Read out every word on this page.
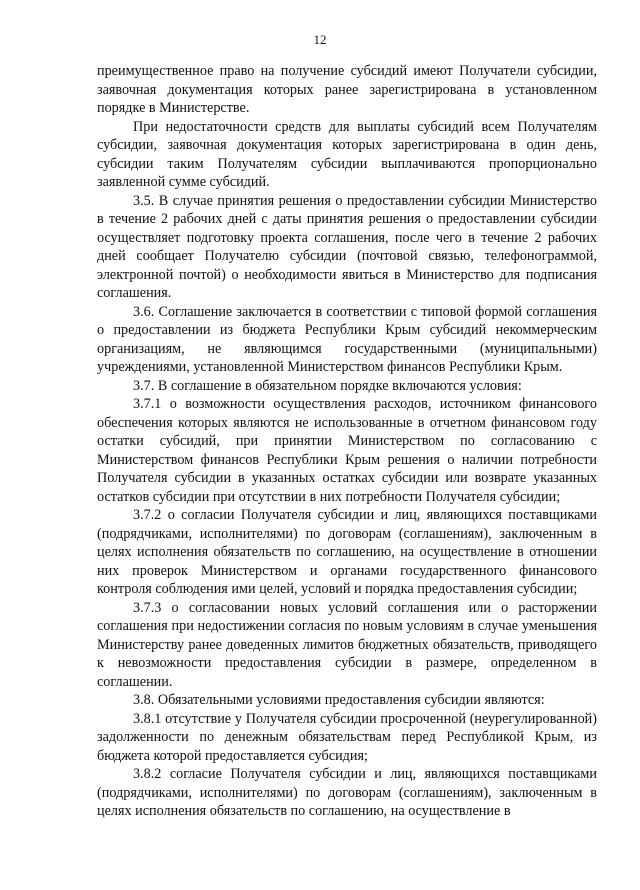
12

преимущественное право на получение субсидий имеют Получатели субсидии, заявочная документация которых ранее зарегистрирована в установленном порядке в Министерстве.

При недостаточности средств для выплаты субсидий всем Получателям субсидии, заявочная документация которых зарегистрирована в один день, субсидии таким Получателям субсидии выплачиваются пропорционально заявленной сумме субсидий.

3.5. В случае принятия решения о предоставлении субсидии Министерство в течение 2 рабочих дней с даты принятия решения о предоставлении субсидии осуществляет подготовку проекта соглашения, после чего в течение 2 рабочих дней сообщает Получателю субсидии (почтовой связью, телефонограммой, электронной почтой) о необходимости явиться в Министерство для подписания соглашения.

3.6. Соглашение заключается в соответствии с типовой формой соглашения о предоставлении из бюджета Республики Крым субсидий некоммерческим организациям, не являющимся государственными (муниципальными) учреждениями, установленной Министерством финансов Республики Крым.

3.7. В соглашение в обязательном порядке включаются условия:

3.7.1 о возможности осуществления расходов, источником финансового обеспечения которых являются не использованные в отчетном финансовом году остатки субсидий, при принятии Министерством по согласованию с Министерством финансов Республики Крым решения о наличии потребности Получателя субсидии в указанных остатках субсидии или возврате указанных остатков субсидии при отсутствии в них потребности Получателя субсидии;

3.7.2 о согласии Получателя субсидии и лиц, являющихся поставщиками (подрядчиками, исполнителями) по договорам (соглашениям), заключенным в целях исполнения обязательств по соглашению, на осуществление в отношении них проверок Министерством и органами государственного финансового контроля соблюдения ими целей, условий и порядка предоставления субсидии;

3.7.3 о согласовании новых условий соглашения или о расторжении соглашения при недостижении согласия по новым условиям в случае уменьшения Министерству ранее доведенных лимитов бюджетных обязательств, приводящего к невозможности предоставления субсидии в размере, определенном в соглашении.

3.8. Обязательными условиями предоставления субсидии являются:

3.8.1 отсутствие у Получателя субсидии просроченной (неурегулированной) задолженности по денежным обязательствам перед Республикой Крым, из бюджета которой предоставляется субсидия;

3.8.2 согласие Получателя субсидии и лиц, являющихся поставщиками (подрядчиками, исполнителями) по договорам (соглашениям), заключенным в целях исполнения обязательств по соглашению, на осуществление в
